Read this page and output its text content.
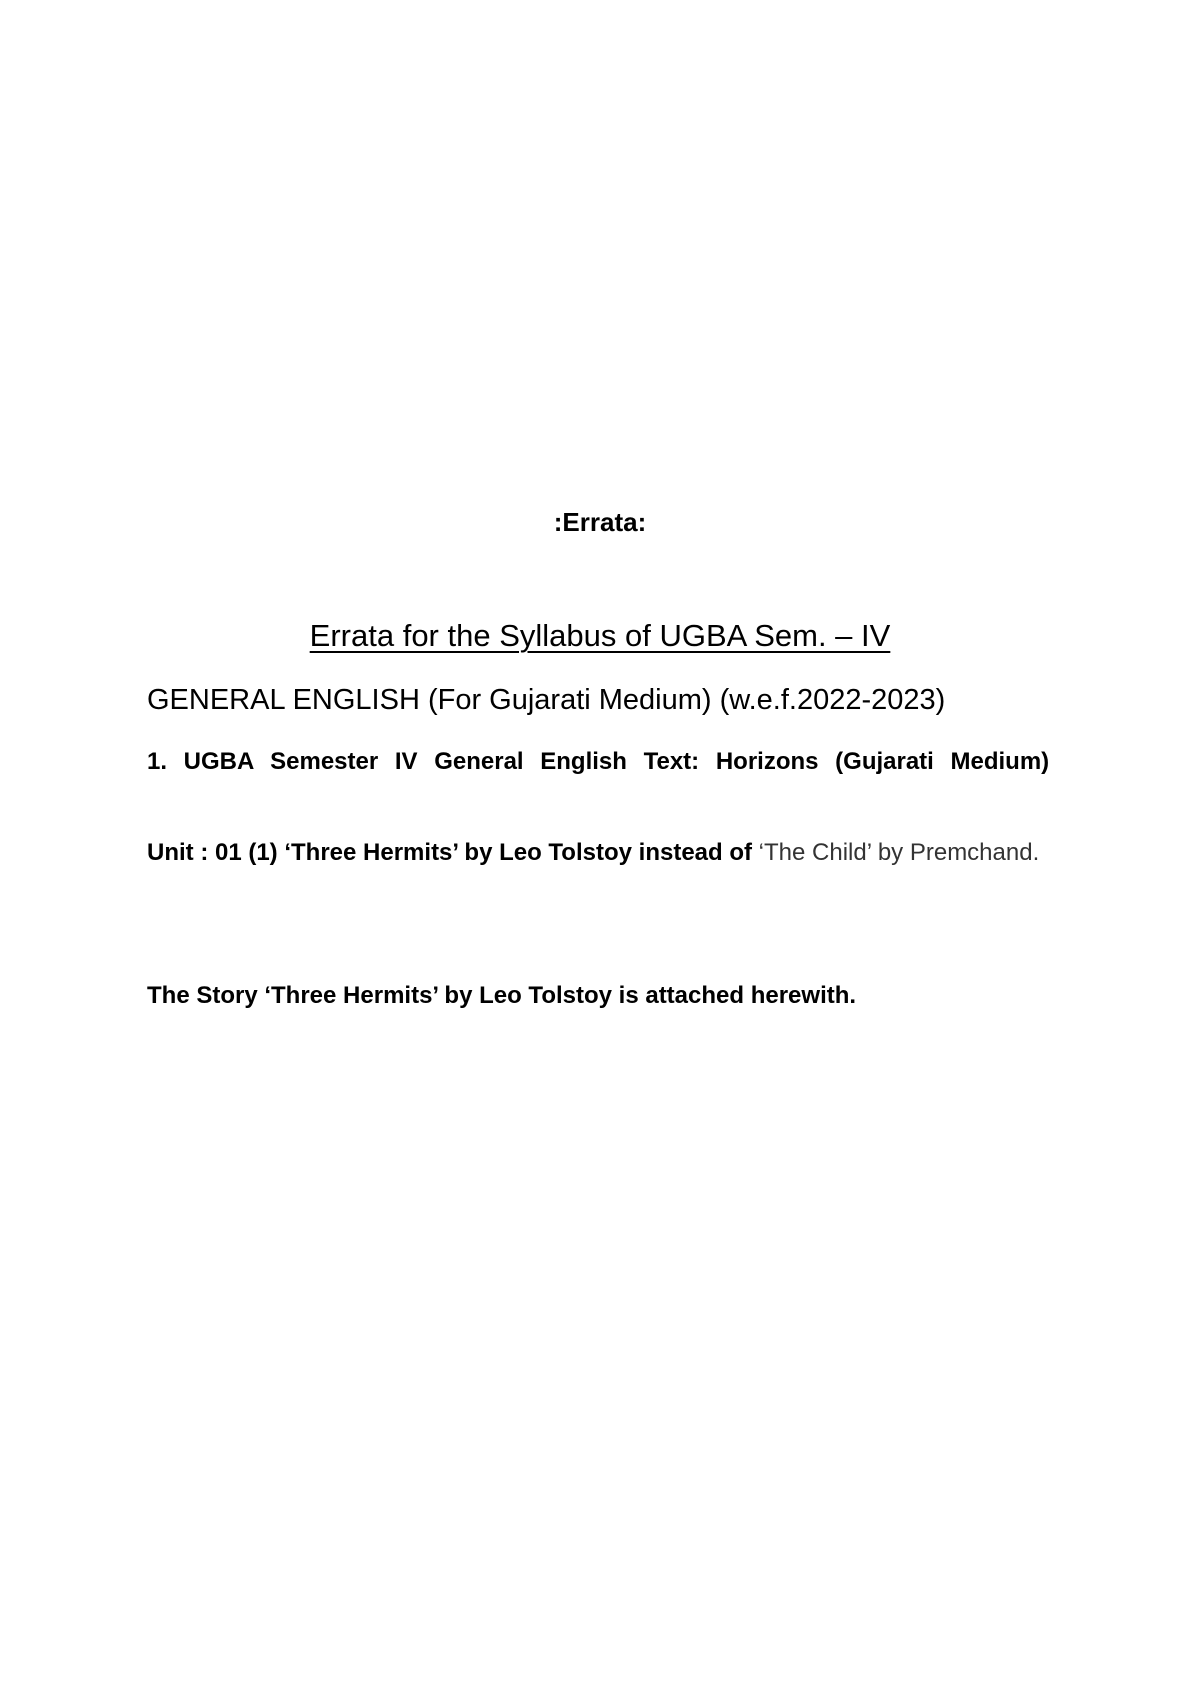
:Errata:

Errata for the Syllabus of UGBA Sem. – IV

GENERAL ENGLISH (For Gujarati Medium) (w.e.f.2022-2023)

1. UGBA Semester IV General English Text: Horizons (Gujarati Medium)

Unit : 01 (1) ‘Three Hermits’ by Leo Tolstoy instead of ‘The Child’ by Premchand.

The Story ‘Three Hermits’ by Leo Tolstoy is attached herewith.
